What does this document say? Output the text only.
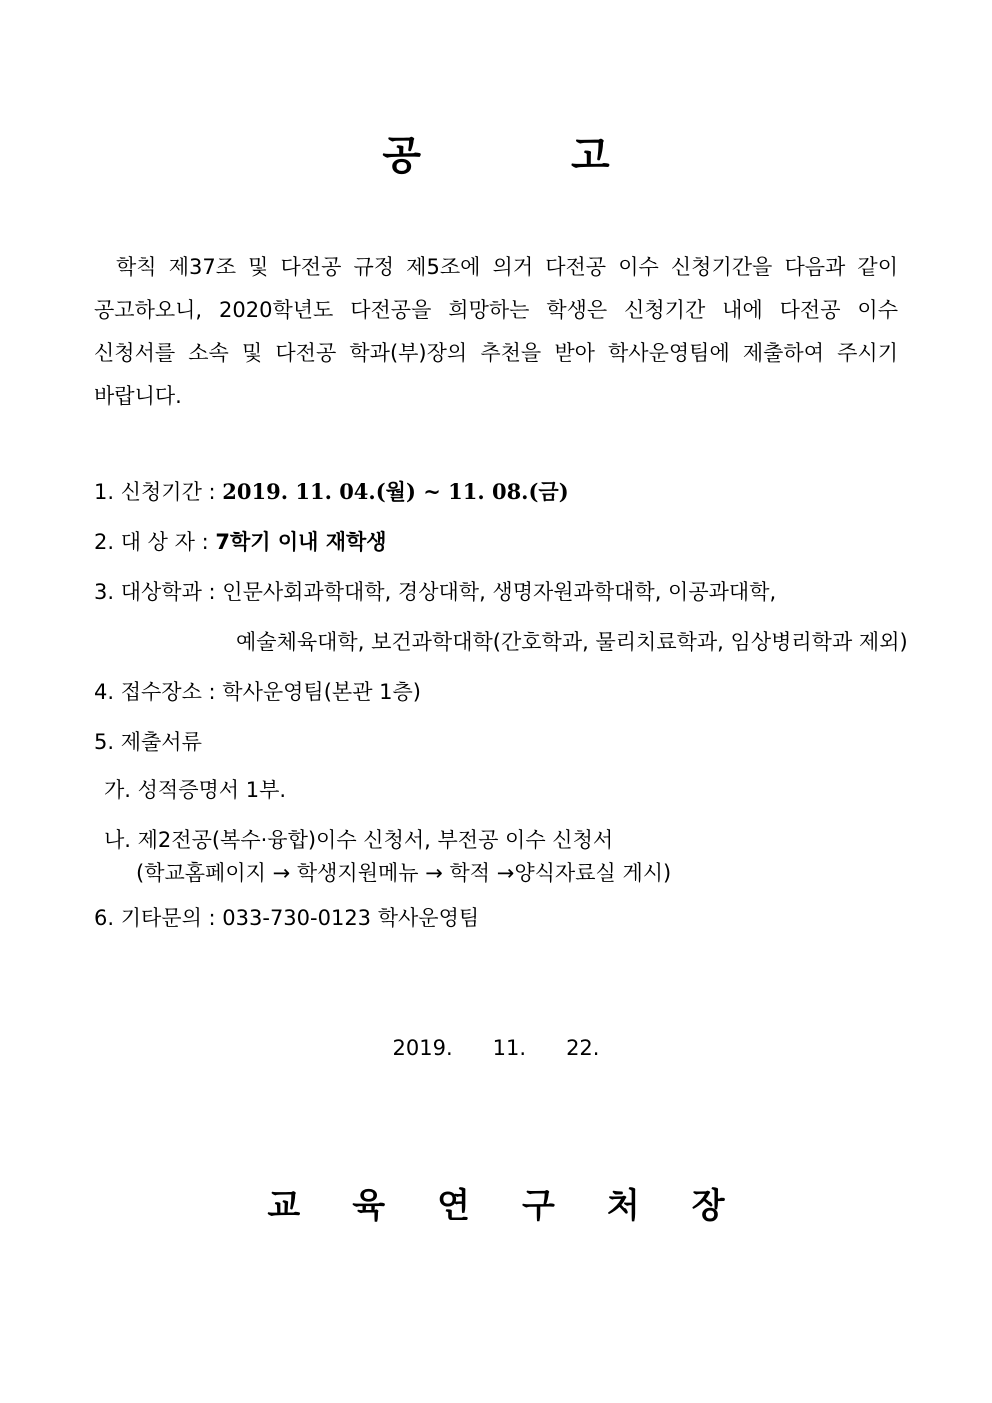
공	고
학칙 제37조 및 다전공 규정 제5조에 의거 다전공 이수 신청기간을 다음과 같이
공고하오니, 2020학년도 다전공을 희망하는 학생은 신청기간 내에 다전공 이수
신청서를 소속 및 다전공 학과(부)장의 추천을 받아 학사운영팀에 제출하여 주시기
바랍니다.
1. 신청기간 : 2019. 11. 04.(월) ~ 11. 08.(금)
2. 대 상 자 : 7학기 이내 재학생
3. 대상학과 : 인문사회과학대학, 경상대학, 생명자원과학대학, 이공과대학,
예술체육대학, 보건과학대학(간호학과, 물리치료학과, 임상병리학과 제외)
4. 접수장소 : 학사운영팀(본관 1층)
5. 제출서류
가. 성적증명서 1부.
나. 제2전공(복수·융합)이수 신청서, 부전공 이수 신청서
(학교홈페이지 → 학생지원메뉴 → 학적 →양식자료실 게시)
6. 기타문의 : 033-730-0123 학사운영팀
2019. 11. 22.
교 육 연 구 처 장
